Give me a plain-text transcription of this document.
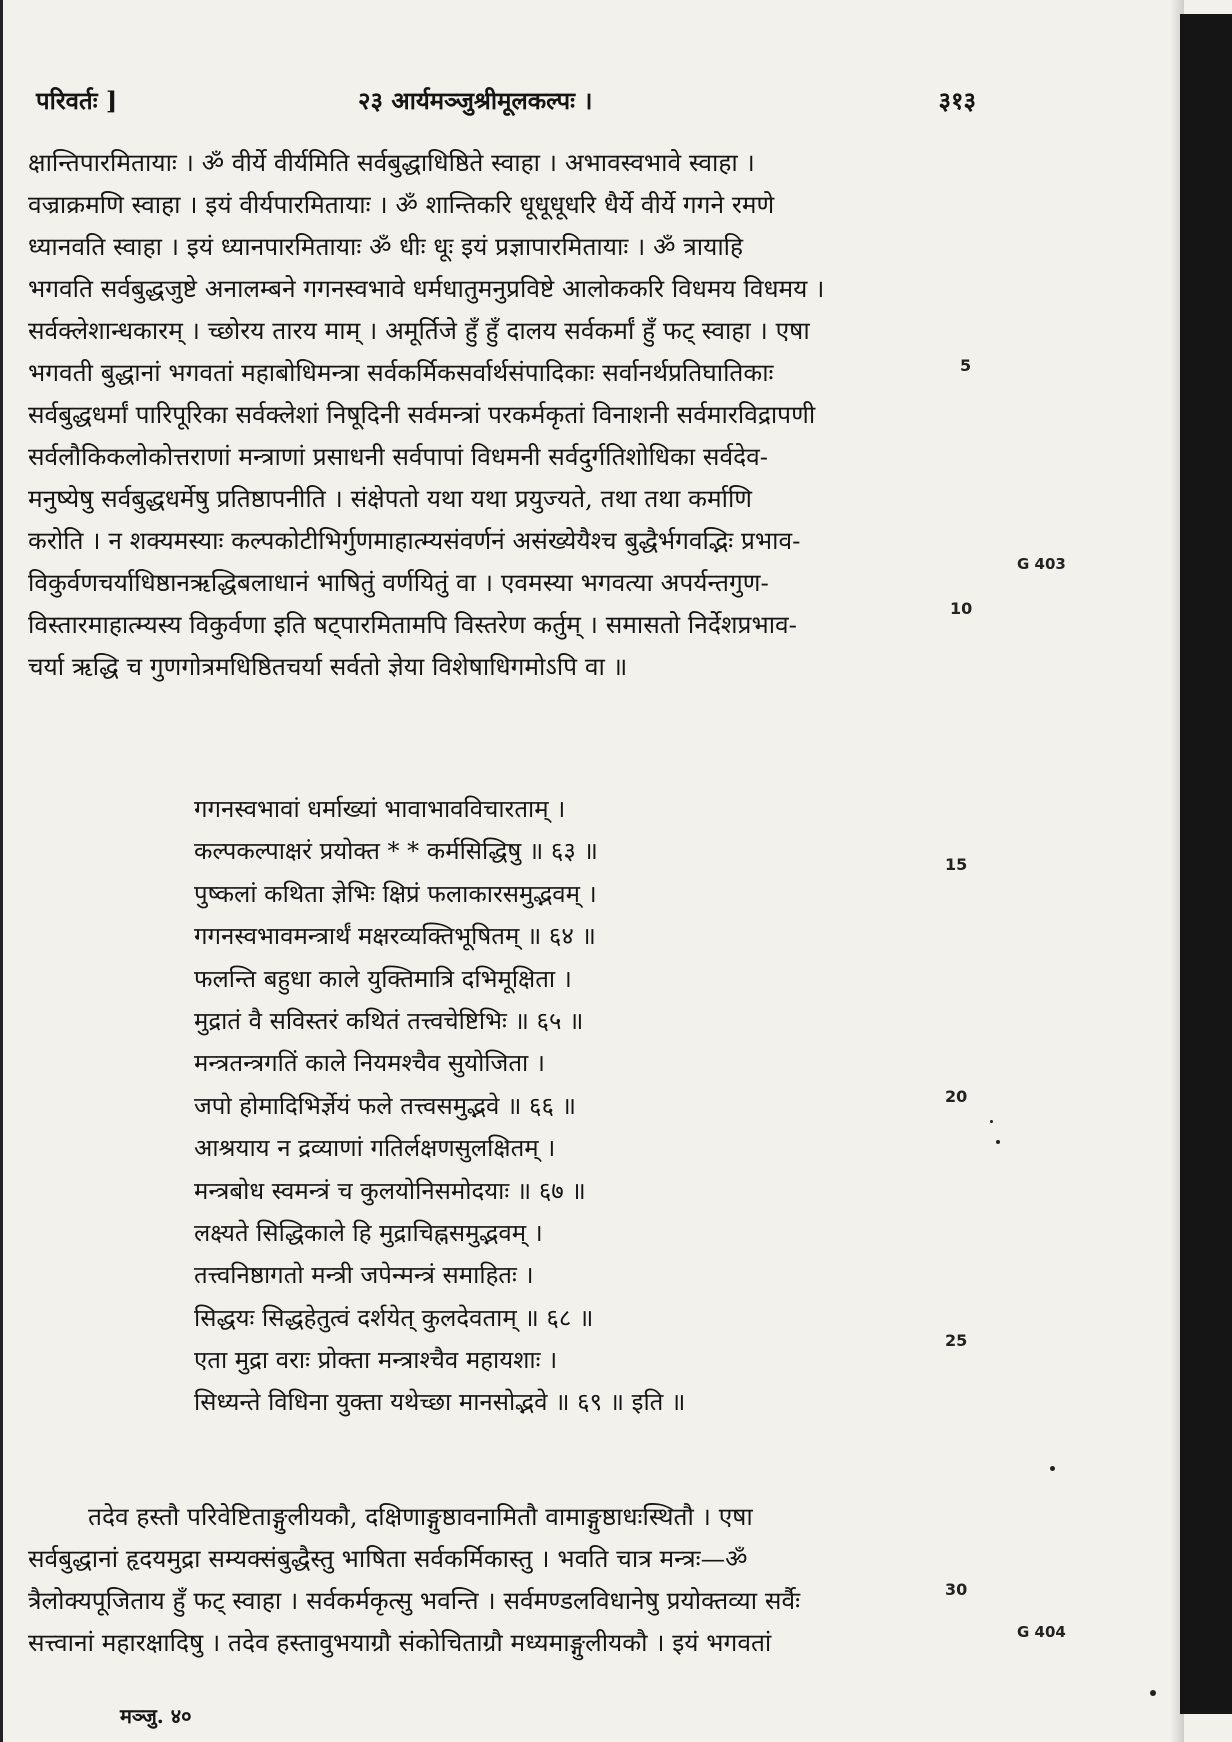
परिवर्तः ]	२३ आर्यमञ्जुश्रीमूलकल्पः ।	३१३
क्षान्तिपारमितायाः । ॐ वीर्ये वीर्यमिति सर्वबुद्धाधिष्ठिते स्वाहा । अभावस्वभावे स्वाहा ।
वज्राक्रमणि स्वाहा । इयं वीर्यपारमितायाः । ॐ शान्तिकरि धूधूधूधरि धैर्ये वीर्ये गगने रमणे
ध्यानवति स्वाहा । इयं ध्यानपारमितायाः ॐ धीः धूः इयं प्रज्ञापारमितायाः । ॐ त्रायाहि
भगवति सर्वबुद्धजुष्टे अनालम्बने गगनस्वभावे धर्मधातुमनुप्रविष्टे आलोककरि विधमय विधमय ।
सर्वक्लेशान्धकारम् । च्छोरय तारय माम् । अमूर्तिजे हुँ हुँ दालय सर्वकर्मां हुँ फट् स्वाहा । एषा
भगवती बुद्धानां भगवतां महाबोधिमन्त्रा सर्वकर्मिकसर्वार्थसंपादिकाः सर्वानर्थप्रतिघातिकाः
सर्वबुद्धधर्मां पारिपूरिका सर्वक्लेशां निषूदिनी सर्वमन्त्रां परकर्मकृतां विनाशनी सर्वमारविद्रापणी
सर्वलौकिकलोकोत्तराणां मन्त्राणां प्रसाधनी सर्वपापां विधमनी सर्वदुर्गतिशोधिका सर्वदेव-
मनुष्येषु सर्वबुद्धधर्मेषु प्रतिष्ठापनीति । संक्षेपतो यथा यथा प्रयुज्यते, तथा तथा कर्माणि
करोति । न शक्यमस्याः कल्पकोटीभिर्गुणमाहात्म्यसंवर्णनं असंख्येयैश्च बुद्धैर्भगवद्भिः प्रभाव-
विकुर्वणचर्याधिष्ठानऋद्धिबलाधानं भाषितुं वर्णयितुं वा । एवमस्या भगवत्या अपर्यन्तगुण-
विस्तारमाहात्म्यस्य विकुर्वणा इति षट्पारमितामपि विस्तरेण कर्तुम् । समासतो निर्देशप्रभाव-
चर्या ऋद्धि च गुणगोत्रमधिष्ठितचर्या सर्वतो ज्ञेया विशेषाधिगमोऽपि वा ॥
गगनस्वभावां धर्माख्यां भावाभावविचारताम् ।
कल्पकल्पाक्षरं प्रयोक्त * * कर्मसिद्धिषु ॥ ६३ ॥
पुष्कलां कथिता ज्ञेभिः क्षिप्रं फलाकारसमुद्भवम् ।
गगनस्वभावमन्त्रार्थं मक्षरव्यक्तिभूषितम् ॥ ६४ ॥
फलन्ति बहुधा काले युक्तिमात्रि दभिमूक्षिता ।
मुद्रातं वै सविस्तरं कथितं तत्त्वचेष्टिभिः ॥ ६५ ॥
मन्त्रतन्त्रगतिं काले नियमश्चैव सुयोजिता ।
जपो होमादिभिर्ज्ञेयं फले तत्त्वसमुद्भवे ॥ ६६ ॥
आश्रयाय न द्रव्याणां गतिर्लक्षणसुलक्षितम् ।
मन्त्रबोध स्वमन्त्रं च कुलयोनिसमोदयाः ॥ ६७ ॥
लक्ष्यते सिद्धिकाले हि मुद्राचिह्नसमुद्भवम् ।
तत्त्वनिष्ठागतो मन्त्री जपेन्मन्त्रं समाहितः ।
सिद्धयः सिद्धहेतुत्वं दर्शयेत् कुलदेवताम् ॥ ६८ ॥
एता मुद्रा वराः प्रोक्ता मन्त्राश्चैव महायशाः ।
सिध्यन्ते विधिना युक्ता यथेच्छा मानसोद्भवे ॥ ६९ ॥ इति ॥
तदेव हस्तौ परिवेष्टिताङ्गुलीयकौ, दक्षिणाङ्गुष्ठावनामितौ वामाङ्गुष्ठाधःस्थितौ । एषा
सर्वबुद्धानां हृदयमुद्रा सम्यक्संबुद्धैस्तु भाषिता सर्वकर्मिकास्तु । भवति चात्र मन्त्रः—ॐ
त्रैलोक्यपूजिताय हुँ फट् स्वाहा । सर्वकर्मकृत्सु भवन्ति । सर्वमण्डलविधानेषु प्रयोक्तव्या सर्वैः
सत्त्वानां महारक्षादिषु । तदेव हस्तावुभयाग्रौ संकोचिताग्रौ मध्यमाङ्गुलीयकौ । इयं भगवतां
5
10
15
20
25
30
G 403
G 404
मञ्जु. ४०
